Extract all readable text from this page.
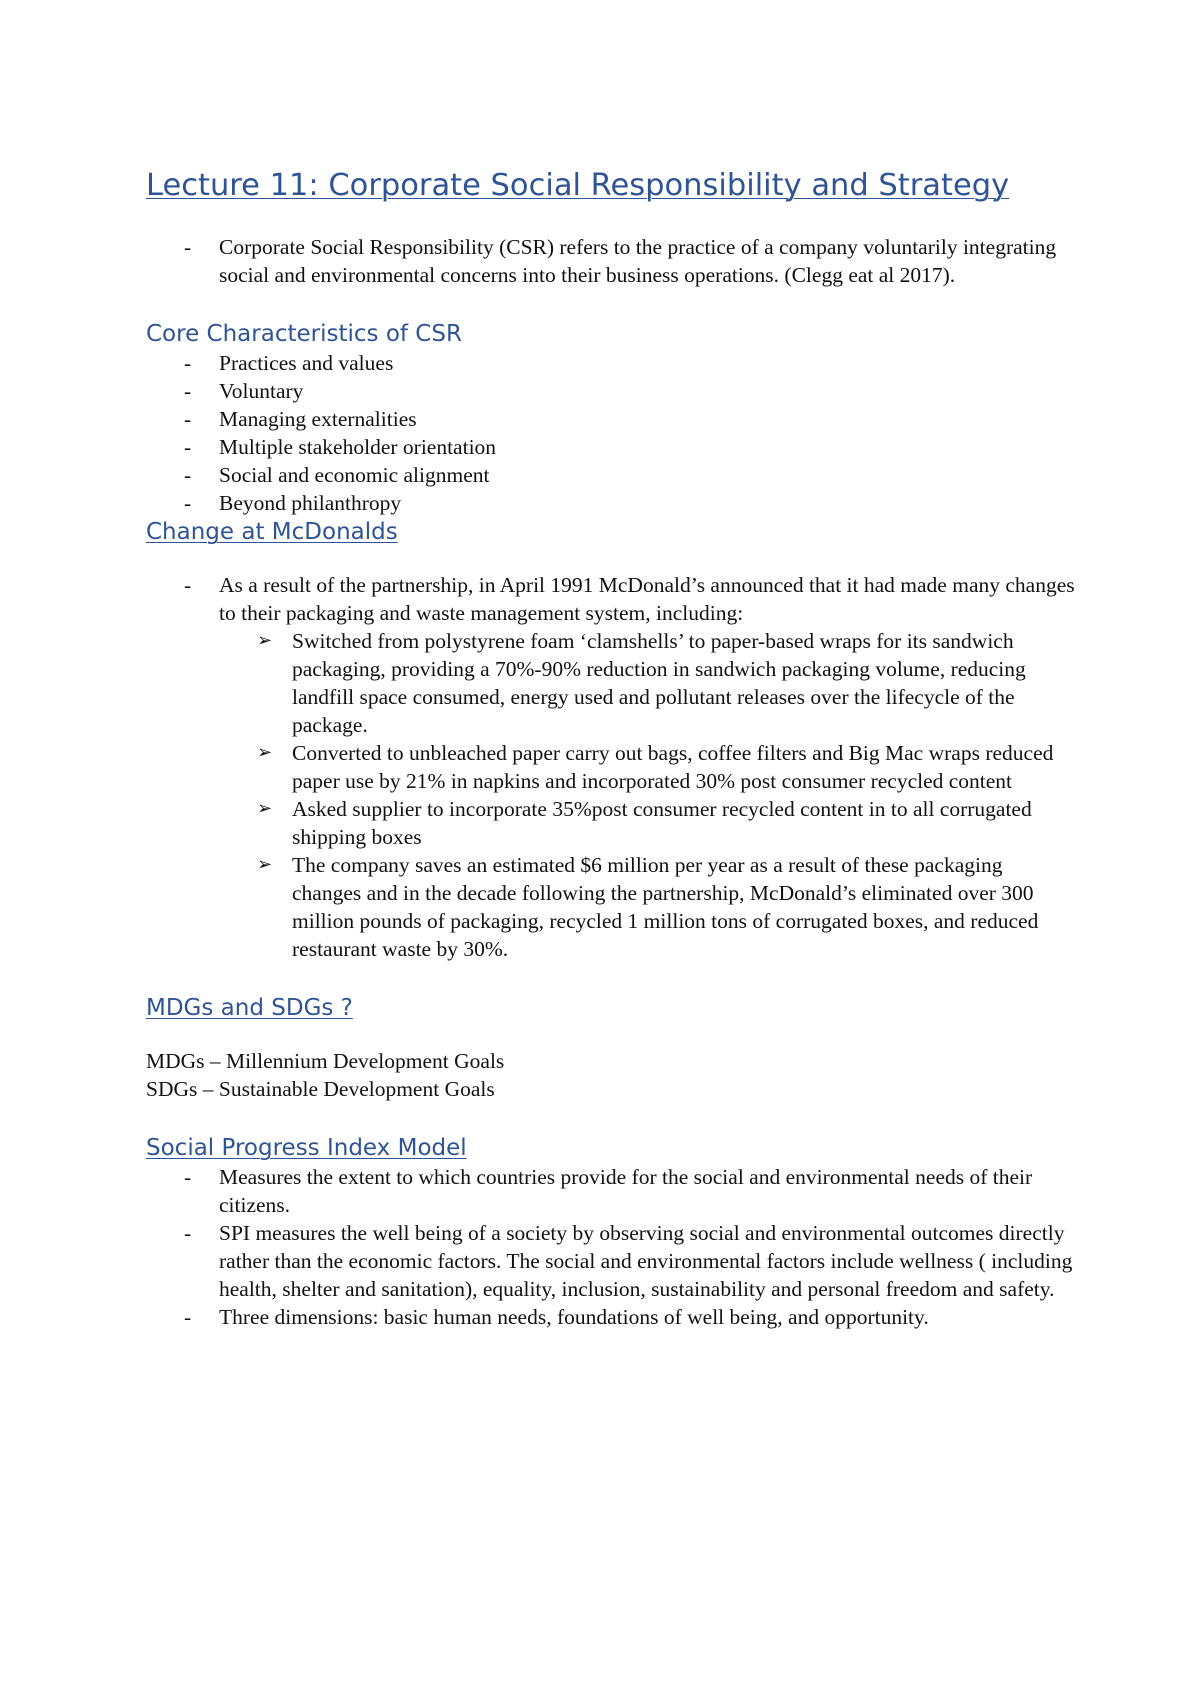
Lecture 11: Corporate Social Responsibility and Strategy
- Corporate Social Responsibility (CSR) refers to the practice of a company voluntarily integrating social and environmental concerns into their business operations. (Clegg eat al 2017).
Core Characteristics of CSR
- Practices and values
- Voluntary
- Managing externalities
- Multiple stakeholder orientation
- Social and economic alignment
- Beyond philanthropy
Change at McDonalds
- As a result of the partnership, in April 1991 McDonald’s announced that it had made many changes to their packaging and waste management system, including:
➢ Switched from polystyrene foam ‘clamshells’ to paper-based wraps for its sandwich packaging, providing a 70%-90% reduction in sandwich packaging volume, reducing landfill space consumed, energy used and pollutant releases over the lifecycle of the package.
➢ Converted to unbleached paper carry out bags, coffee filters and Big Mac wraps reduced paper use by 21% in napkins and incorporated 30% post consumer recycled content
➢ Asked supplier to incorporate 35%post consumer recycled content in to all corrugated shipping boxes
➢ The company saves an estimated $6 million per year as a result of these packaging changes and in the decade following the partnership, McDonald’s eliminated over 300 million pounds of packaging, recycled 1 million tons of corrugated boxes, and reduced restaurant waste by 30%.
MDGs and SDGs ?
MDGs – Millennium Development Goals
SDGs – Sustainable Development Goals
Social Progress Index Model
- Measures the extent to which countries provide for the social and environmental needs of their citizens.
- SPI measures the well being of a society by observing social and environmental outcomes directly rather than the economic factors. The social and environmental factors include wellness ( including health, shelter and sanitation), equality, inclusion, sustainability and personal freedom and safety.
- Three dimensions: basic human needs, foundations of well being, and opportunity.
